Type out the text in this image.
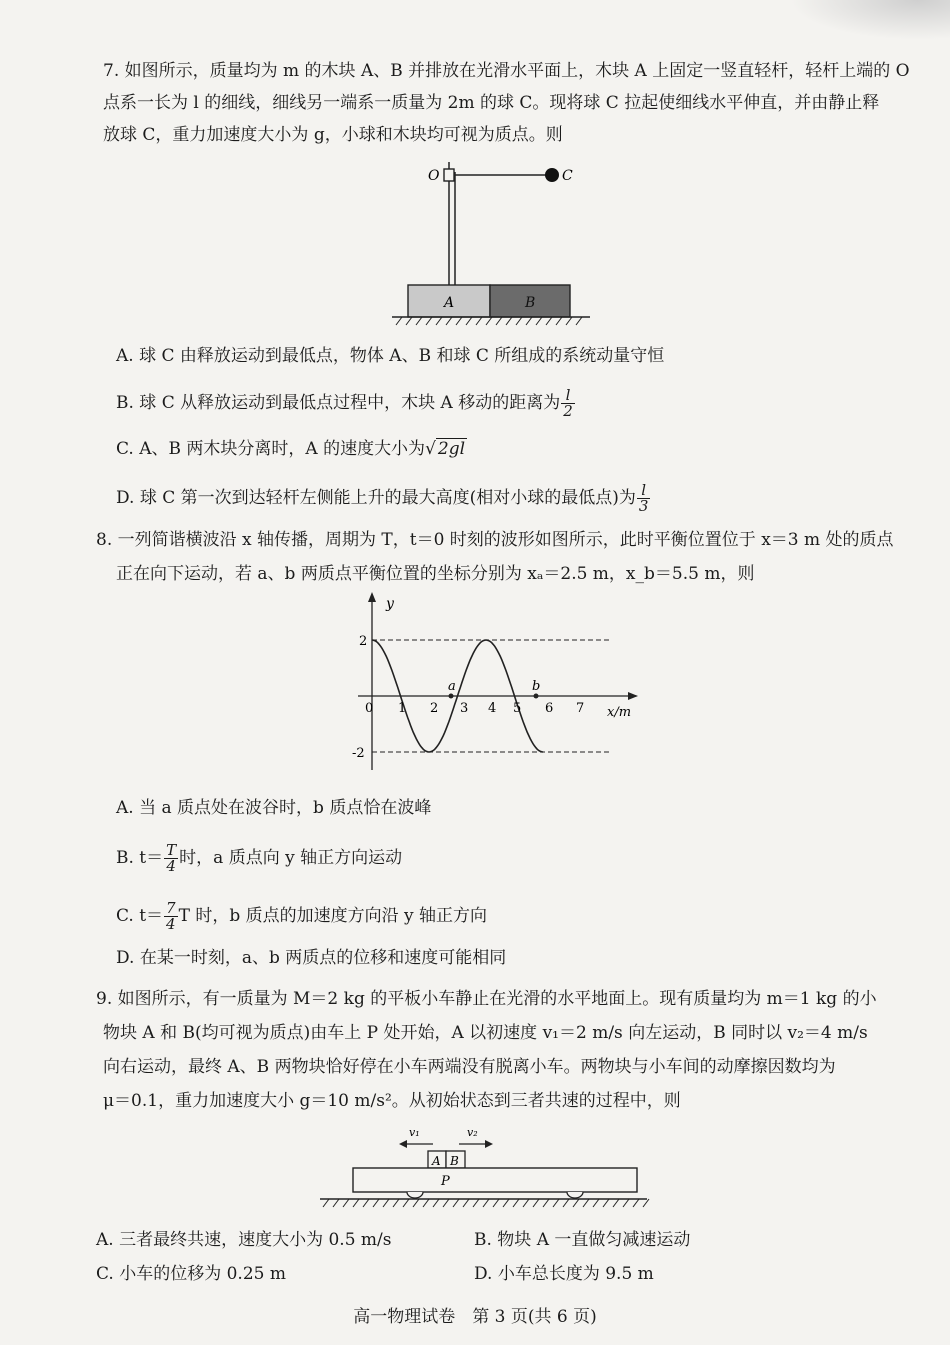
7. 如图所示，质量均为 m 的木块 A、B 并排放在光滑水平面上，木块 A 上固定一竖直轻杆，轻杆上端的 O
点系一长为 l 的细线，细线另一端系一质量为 2m 的球 C。现将球 C 拉起使细线水平伸直，并由静止释
放球 C，重力加速度大小为 g，小球和木块均可视为质点。则
O	C
A	B
A. 球 C 由释放运动到最低点，物体 A、B 和球 C 所组成的系统动量守恒
B. 球 C 从释放运动到最低点过程中，木块 A 移动的距离为 $\frac{l}{2}$
C. A、B 两木块分离时，A 的速度大小为√ 2gl
D. 球 C 第一次到达轻杆左侧能上升的最大高度(相对小球的最低点)为 $\frac{l}{3}$
8. 一列简谐横波沿 x 轴传播，周期为 T，t＝0 时刻的波形如图所示，此时平衡位置位于 x＝3 m 处的质点
正在向下运动，若 a、b 两质点平衡位置的坐标分别为 xₐ＝2.5 m，x_b＝5.5 m，则
y
x/m
2
-2
0 1 2 3 4 5 6 7
a	b
A. 当 a 质点处在波谷时，b 质点恰在波峰
B. $t= \frac{T}{4}$ 时，a 质点向 y 轴正方向运动
C. $t= \frac{7}{4}$ T 时，b 质点的加速度方向沿 y 轴正方向
D. 在某一时刻，a、b 两质点的位移和速度可能相同
9. 如图所示，有一质量为 M＝2 kg 的平板小车静止在光滑的水平地面上。现有质量均为 m＝1 kg 的小
物块 A 和 B(均可视为质点)由车上 P 处开始，A 以初速度 v₁＝2 m/s 向左运动，B 同时以 v₂＝4 m/s
向右运动，最终 A、B 两物块恰好停在小车两端没有脱离小车。两物块与小车间的动摩擦因数均为
μ＝0.1，重力加速度大小 g＝10 m/s²。从初始状态到三者共速的过程中，则
v₁	v₂
A B
P
A. 三者最终共速，速度大小为 0.5 m/s	B. 物块 A 一直做匀减速运动
C. 小车的位移为 0.25 m	D. 小车总长度为 9.5 m
高一物理试卷　第 3 页(共 6 页)
